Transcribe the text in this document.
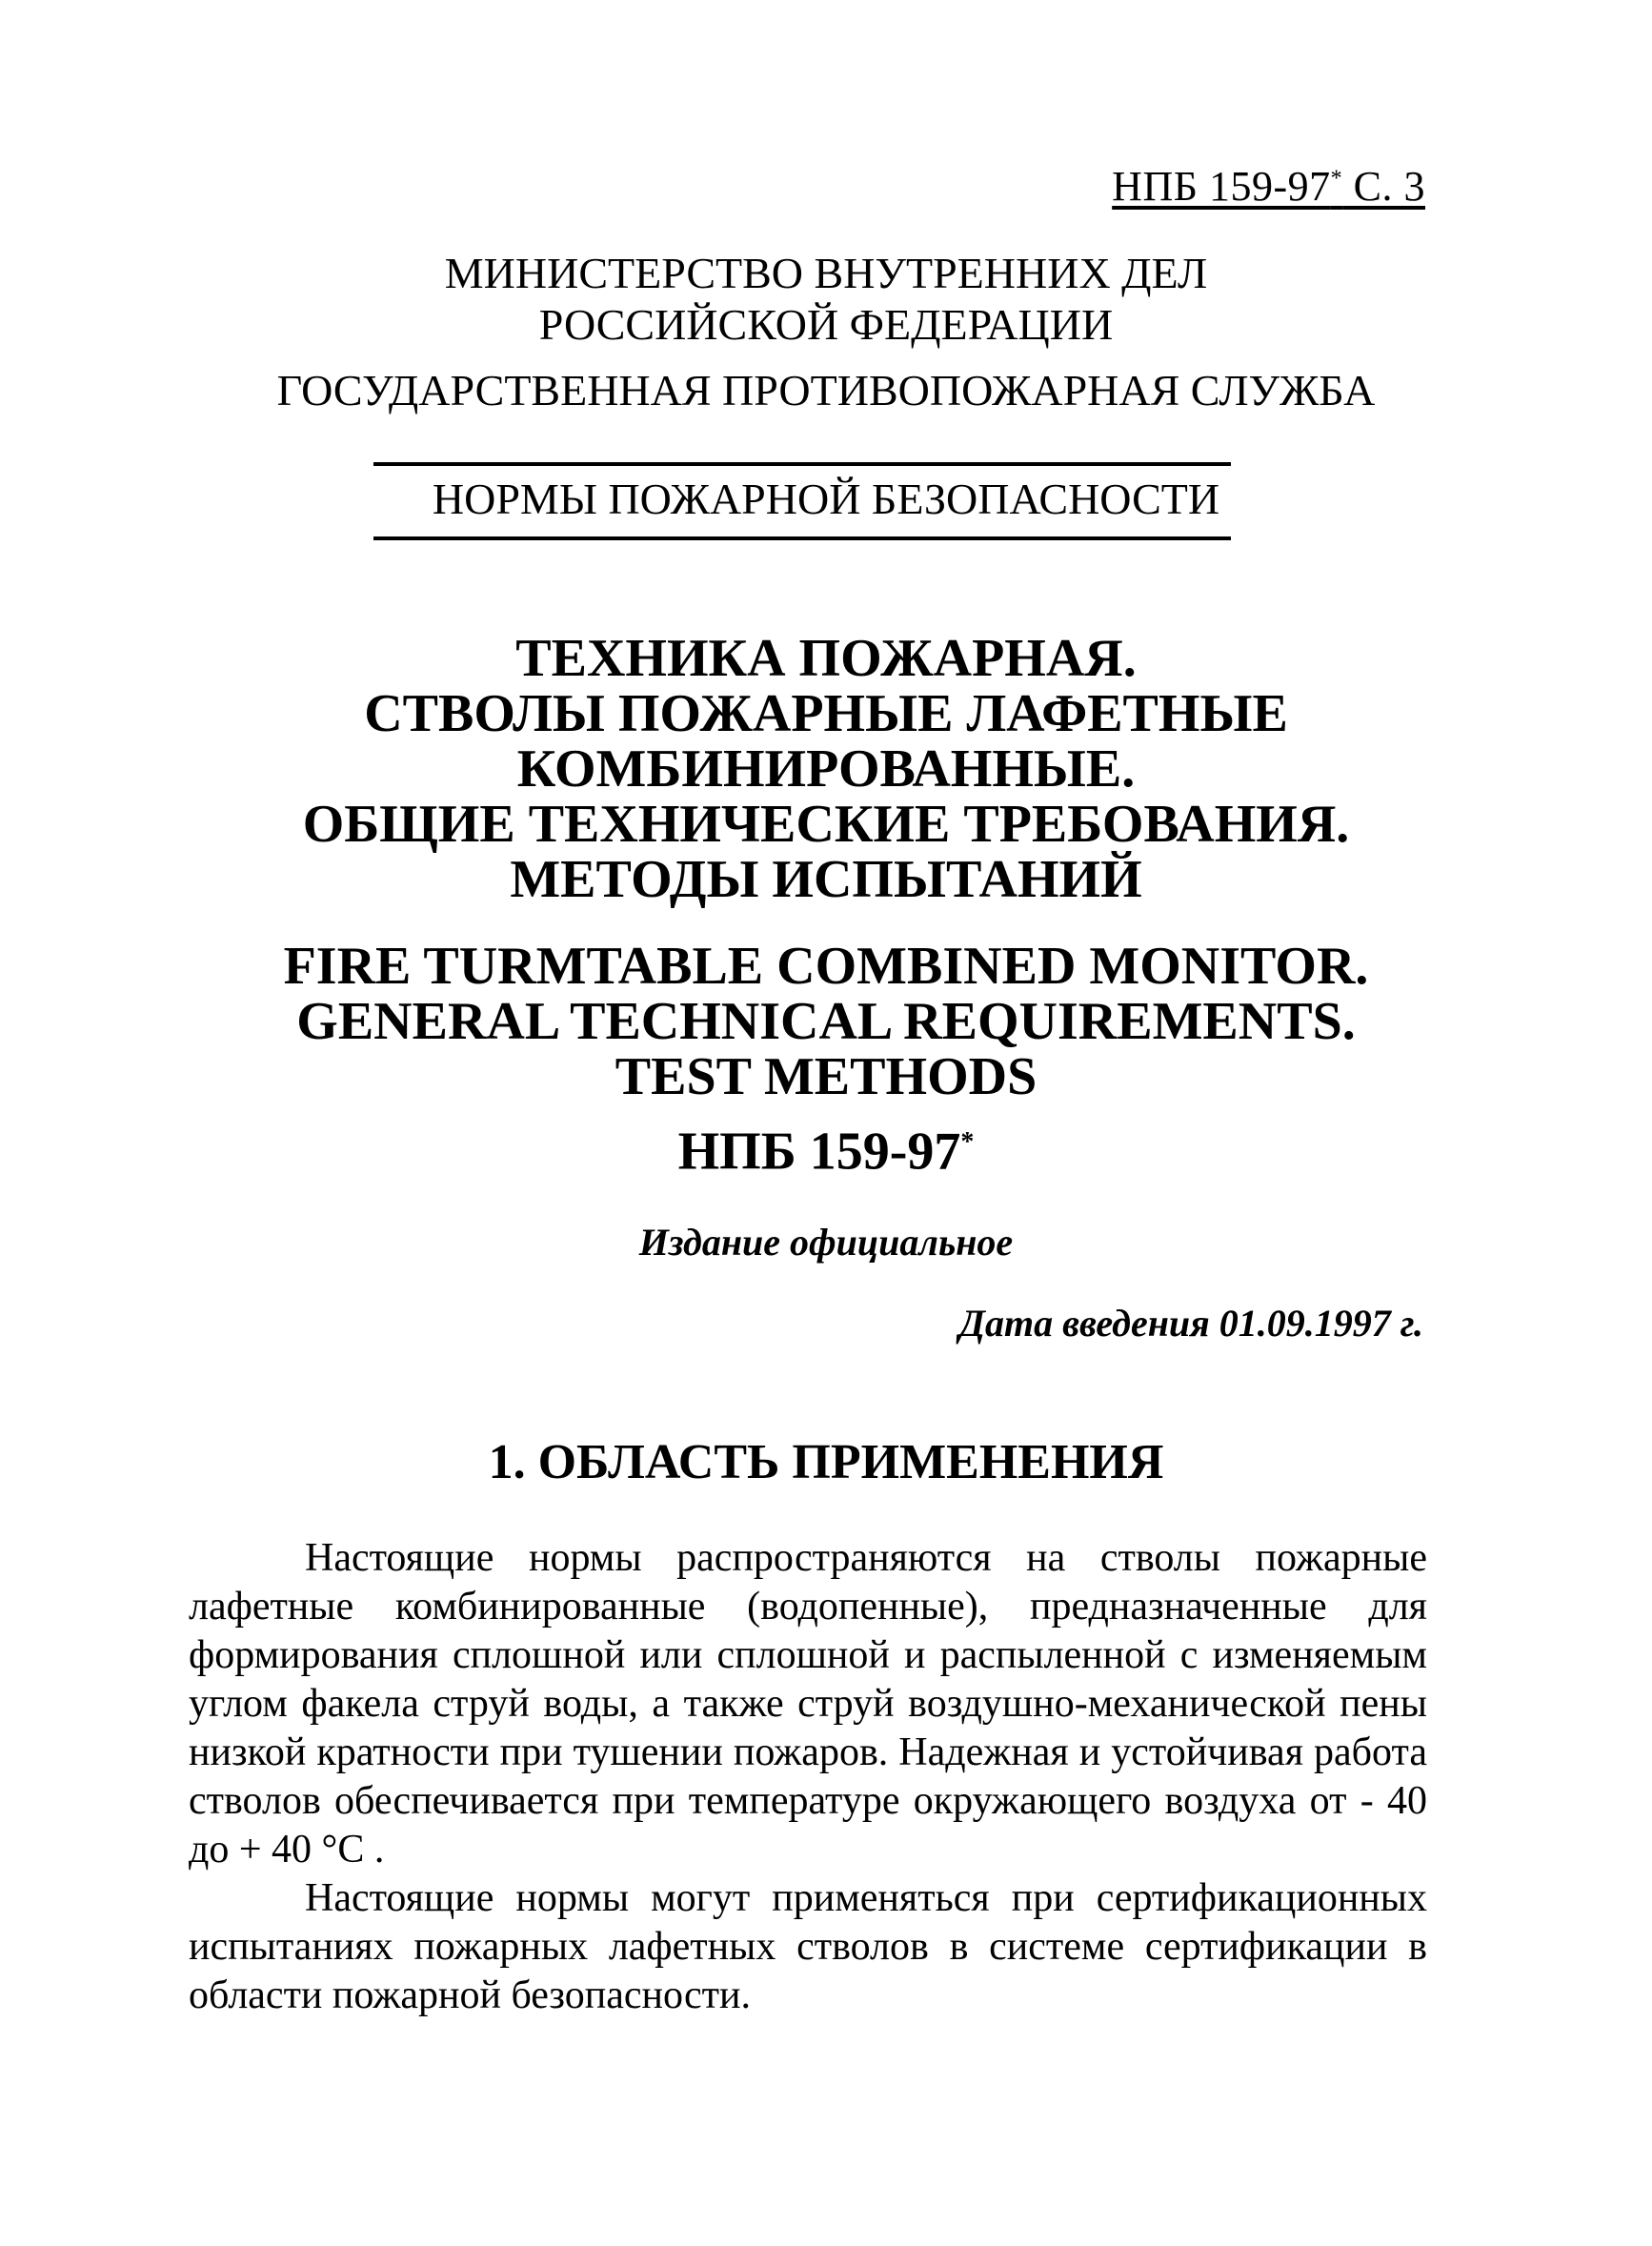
НПБ 159-97* С. 3
МИНИСТЕРСТВО ВНУТРЕННИХ ДЕЛ
РОССИЙСКОЙ ФЕДЕРАЦИИ
ГОСУДАРСТВЕННАЯ ПРОТИВОПОЖАРНАЯ СЛУЖБА
НОРМЫ ПОЖАРНОЙ БЕЗОПАСНОСТИ
ТЕХНИКА ПОЖАРНАЯ.
СТВОЛЫ ПОЖАРНЫЕ ЛАФЕТНЫЕ
КОМБИНИРОВАННЫЕ.
ОБЩИЕ ТЕХНИЧЕСКИЕ ТРЕБОВАНИЯ.
МЕТОДЫ ИСПЫТАНИЙ
FIRE TURMTABLE COMBINED MONITOR.
GENERAL TECHNICAL REQUIREMENTS.
TEST METHODS
НПБ 159-97*
Издание официальное
Дата введения 01.09.1997 г.
1. ОБЛАСТЬ ПРИМЕНЕНИЯ

Настоящие нормы распространяются на стволы пожарные лафетные комбинированные (водопенные), предназначенные для формирования сплошной или сплошной и распыленной с изменяемым углом факела струй воды, а также струй воздушно-механической пены низкой кратности при тушении пожаров. Надежная и устойчивая работа стволов обеспечивается при температуре окружающего воздуха от - 40 до + 40 °С .

Настоящие нормы могут применяться при сертификационных испытаниях пожарных лафетных стволов в системе сертификации в области пожарной безопасности.
